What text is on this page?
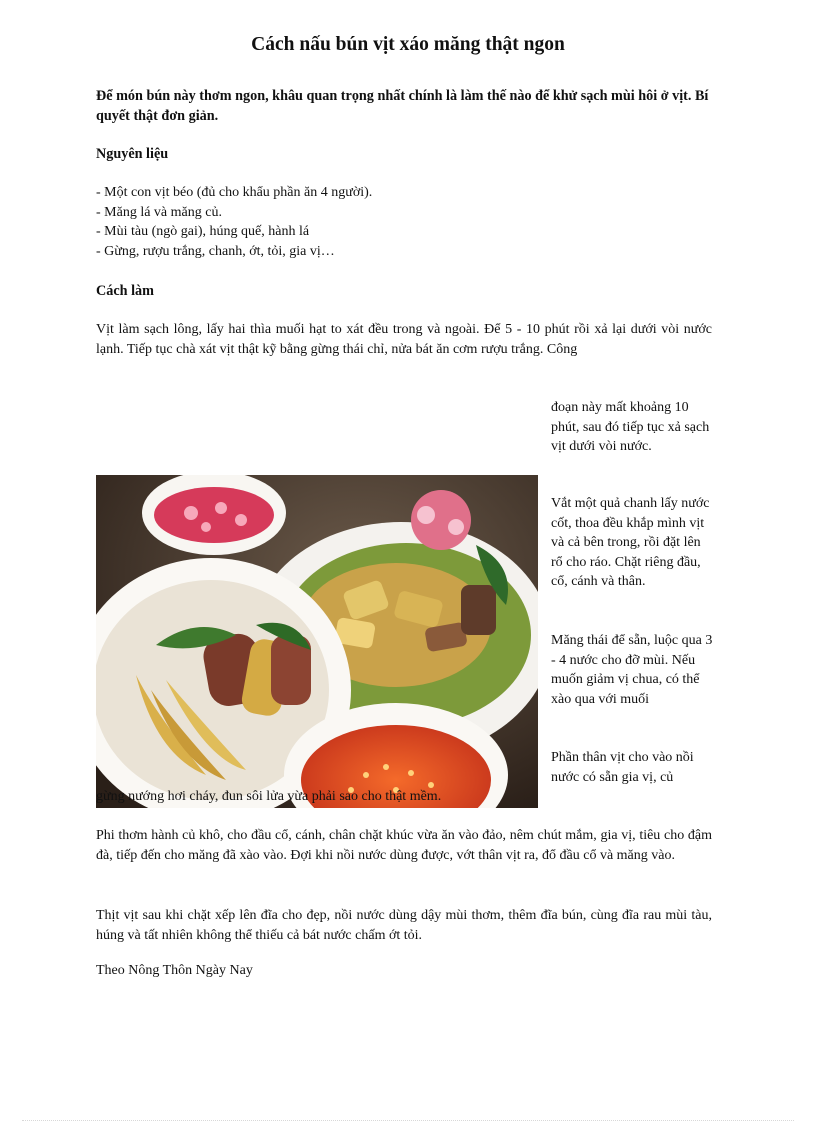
Cách nấu bún vịt xáo măng thật ngon

Để món bún này thơm ngon, khâu quan trọng nhất chính là làm thế nào để khử sạch mùi hôi ở vịt. Bí quyết thật đơn giản.

Nguyên liệu

- Một con vịt béo (đủ cho khẩu phần ăn 4 người).
- Măng lá và măng củ.
- Mùi tàu (ngò gai), húng quế, hành lá
- Gừng, rượu trắng, chanh, ớt, tỏi, gia vị…

Cách làm

Vịt làm sạch lông, lấy hai thìa muối hạt to xát đều trong và ngoài. Để 5 - 10 phút rồi xả lại dưới vòi nước lạnh. Tiếp tục chà xát vịt thật kỹ bằng gừng thái chỉ, nửa bát ăn cơm rượu trắng. Công

đoạn này mất khoảng 10 phút, sau đó tiếp tục xả sạch vịt dưới vòi nước.

Vắt một quả chanh lấy nước cốt, thoa đều khắp mình vịt và cả bên trong, rồi đặt lên rổ cho ráo. Chặt riêng đầu, cổ, cánh và thân.

Măng thái để sẵn, luộc qua 3 - 4 nước cho đỡ mùi. Nếu muốn giảm vị chua, có thể xào qua với muối

Phần thân vịt cho vào nồi nước có sẵn gia vị, củ

gừng nướng hơi cháy, đun sôi lửa vừa phải sao cho thật mềm.

Phi thơm hành củ khô, cho đầu cổ, cánh, chân chặt khúc vừa ăn vào đảo, nêm chút mắm, gia vị, tiêu cho đậm đà, tiếp đến cho măng đã xào vào. Đợi khi nồi nước dùng được, vớt thân vịt ra, đổ đầu cổ và măng vào.

Thịt vịt sau khi chặt xếp lên đĩa cho đẹp, nồi nước dùng dậy mùi thơm, thêm đĩa bún, cùng đĩa rau mùi tàu, húng và tất nhiên không thể thiếu cả bát nước chấm ớt tỏi.

Theo Nông Thôn Ngày Nay
